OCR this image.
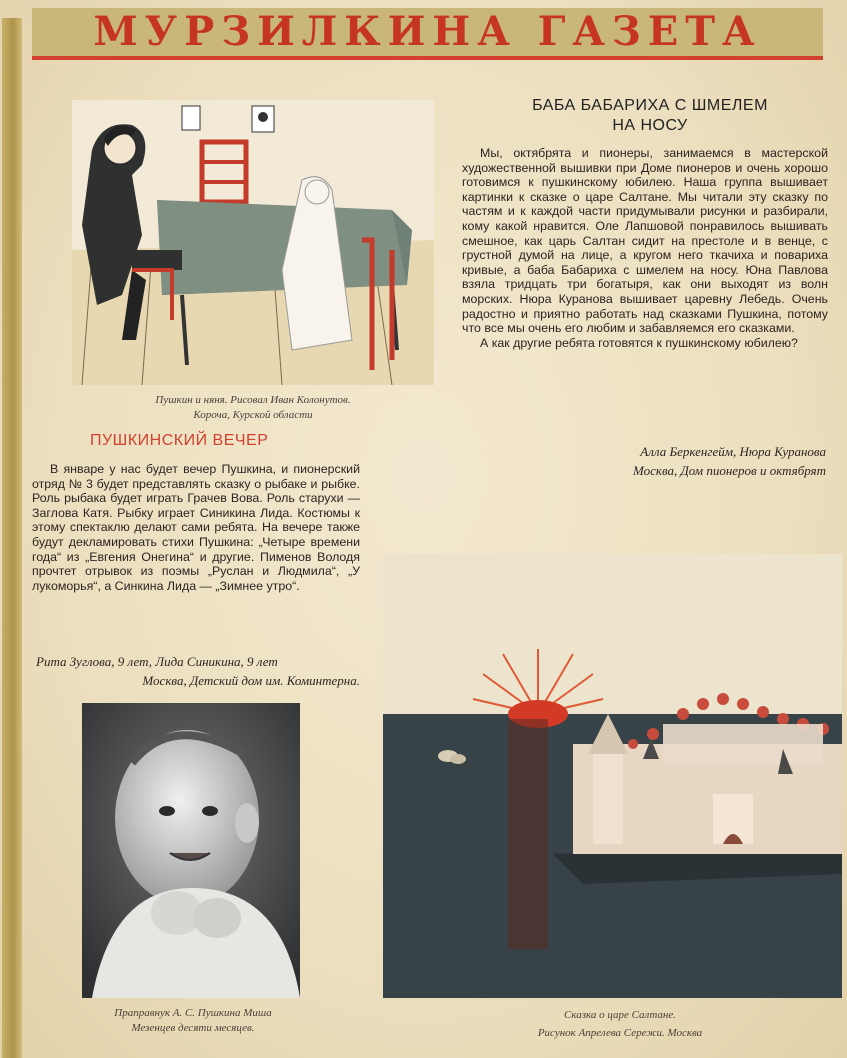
МУРЗИЛКИНА ГАЗЕТА
Пушкин и няня. Рисовал Иван Колонутов.
Короча, Курской области
ПУШКИНСКИЙ ВЕЧЕР

В январе у нас будет вечер Пушкина, и пионерский отряд № 3 будет представлять сказку о рыбаке и рыбке. Роль рыбака будет играть Грачев Вова. Роль старухи — Заглова Катя. Рыбку играет Синикина Лида. Костюмы к этому спектаклю делают сами ребята. На вечере также будут декламировать стихи Пушкина: „Четыре времени года“ из „Евгения Онегина“ и другие. Пименов Володя прочтет отрывок из поэмы „Руслан и Людмила“, „У лукоморья“, а Синкина Лида — „Зимнее утро“.

Рита Зуглова, 9 лет, Лида Синикина, 9 лет
Москва, Детский дом им. Коминтерна.
БАБА БАБАРИХА С ШМЕЛЕМ
НА НОСУ

Мы, октябрята и пионеры, занимаемся в мастерской художественной вышивки при Доме пионеров и очень хорошо готовимся к пушкинскому юбилею. Наша группа вышивает картинки к сказке о царе Салтане. Мы читали эту сказку по частям и к каждой части придумывали рисунки и разбирали, кому какой нравится. Оле Лапшовой понравилось вышивать смешное, как царь Салтан сидит на престоле и в венце, с грустной думой на лице, а кругом него ткачиха и повариха кривые, а баба Бабариха с шмелем на носу. Юна Павлова взяла тридцать три богатыря, как они выходят из волн морских. Нюра Куранова вышивает царевну Лебедь. Очень радостно и приятно работать над сказками Пушкина, потому что все мы очень его любим и забавляемся его сказками.

А как другие ребята готовятся к пушкинскому юбилею?

Алла Беркенгейм, Нюра Куранова
Москва, Дом пионеров и октябрят
Праправнук А. С. Пушкина Миша
Мезенцев десяти месяцев.
Сказка о царе Салтане.
Рисунок Апрелева Сережи. Москва
